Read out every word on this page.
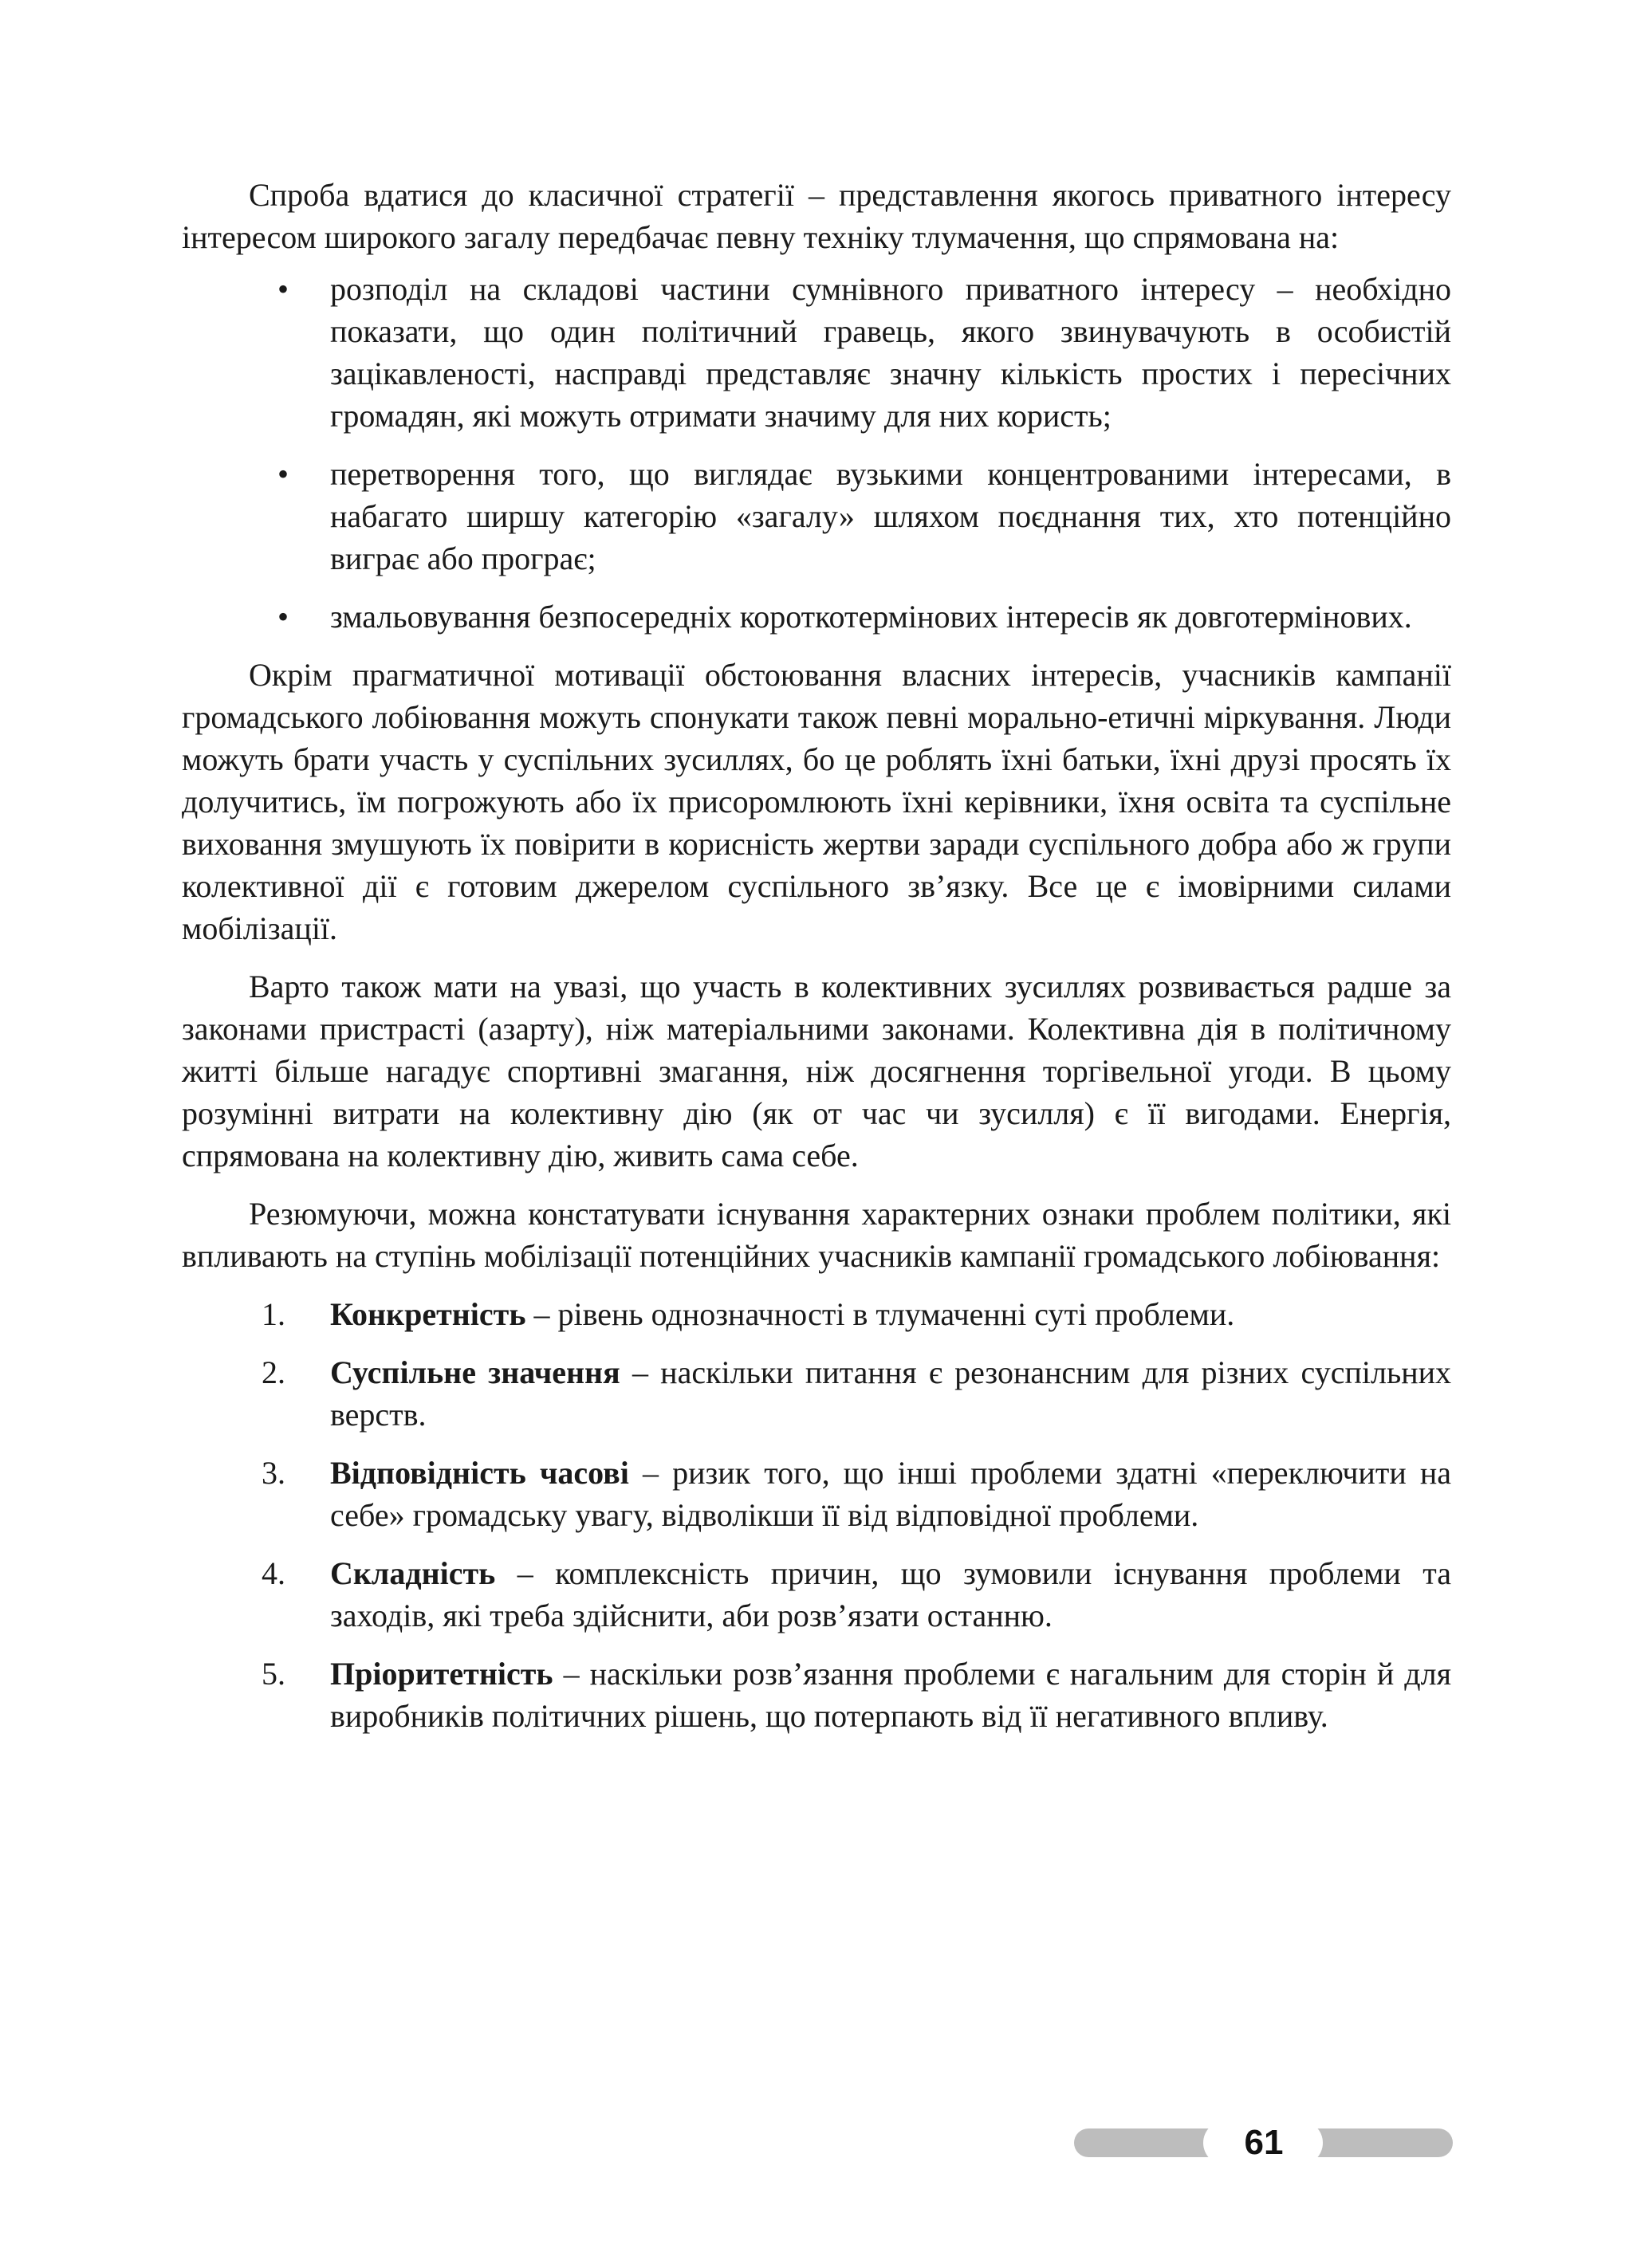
Спроба вдатися до класичної стратегії – представлення якогось приватного інтересу інтересом широкого загалу передбачає певну техніку тлумачення, що спрямована на:

•	розподіл на складові частини сумнівного приватного інтересу – необхідно показати, що один політичний гравець, якого звинувачують в особистій зацікавленості, насправді представляє значну кількість простих і пересічних громадян, які можуть отримати значиму для них користь;
•	перетворення того, що виглядає вузькими концентрованими інтересами, в набагато ширшу категорію «загалу» шляхом поєднання тих, хто потенційно виграє або програє;
•	змальовування безпосередніх короткотермінових інтересів як довготермінових.

Окрім прагматичної мотивації обстоювання власних інтересів, учасників кампанії громадського лобіювання можуть спонукати також певні морально-етичні міркування. Люди можуть брати участь у суспільних зусиллях, бо це роблять їхні батьки, їхні друзі просять їх долучитись, їм погрожують або їх присоромлюють їхні керівники, їхня освіта та суспільне виховання змушують їх повірити в корисність жертви заради суспільного добра або ж групи колективної дії є готовим джерелом суспільного зв’язку. Все це є імовірними силами мобілізації.

Варто також мати на увазі, що участь в колективних зусиллях розвивається радше за законами пристрасті (азарту), ніж матеріальними законами. Колективна дія в політичному житті більше нагадує спортивні змагання, ніж досягнення торгівельної угоди. В цьому розумінні витрати на колективну дію (як от час чи зусилля) є її вигодами. Енергія, спрямована на колективну дію, живить сама себе.

Резюмуючи, можна констатувати існування характерних ознаки проблем політики, які впливають на ступінь мобілізації потенційних учасників кампанії громадського лобіювання:

1. Конкретність – рівень однозначності в тлумаченні суті проблеми.
2. Суспільне значення – наскільки питання є резонансним для різних суспільних верств.
3. Відповідність часові – ризик того, що інші проблеми здатні «переключити на себе» громадську увагу, відволікши її від відповідної проблеми.
4. Складність – комплексність причин, що зумовили існування проблеми та заходів, які треба здійснити, аби розв’язати останню.
5. Пріоритетність – наскільки розв’язання проблеми є нагальним для сторін й для виробників політичних рішень, що потерпають від її негативного впливу.
61
